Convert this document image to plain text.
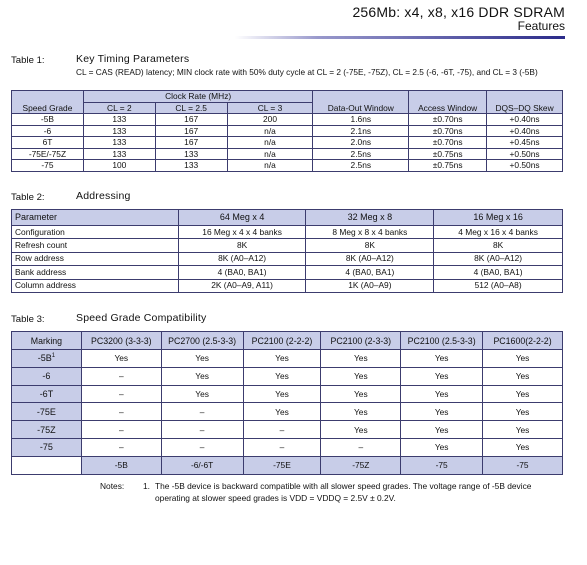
256Mb: x4, x8, x16 DDR SDRAM
Features
Table 1:	Key Timing Parameters
CL = CAS (READ) latency; MIN clock rate with 50% duty cycle at CL = 2 (-75E, -75Z), CL = 2.5 (-6, -6T, -75), and CL = 3 (-5B)
Speed Grade	Clock Rate (MHz)			Data-Out Window	Access Window	DQS–DQ Skew
	CL = 2	CL = 2.5	CL = 3			
-5B	133	167	200	1.6ns	±0.70ns	+0.40ns
-6	133	167	n/a	2.1ns	±0.70ns	+0.40ns
6T	133	167	n/a	2.0ns	±0.70ns	+0.45ns
-75E/-75Z	133	133	n/a	2.5ns	±0.75ns	+0.50ns
-75	100	133	n/a	2.5ns	±0.75ns	+0.50ns
Table 2:	Addressing
Parameter	64 Meg x 4	32 Meg x 8	16 Meg x 16
Configuration	16 Meg x 4 x 4 banks	8 Meg x 8 x 4 banks	4 Meg x 16 x 4 banks
Refresh count	8K	8K	8K
Row address	8K (A0–A12)	8K (A0–A12)	8K (A0–A12)
Bank address	4 (BA0, BA1)	4 (BA0, BA1)	4 (BA0, BA1)
Column address	2K (A0–A9, A11)	1K (A0–A9)	512 (A0–A8)
Table 3:	Speed Grade Compatibility
Marking	PC3200 (3-3-3)	PC2700 (2.5-3-3)	PC2100 (2-2-2)	PC2100 (2-3-3)	PC2100 (2.5-3-3)	PC1600(2-2-2)
$-5B^1$	Yes	Yes	Yes	Yes	Yes	Yes
-6	–	Yes	Yes	Yes	Yes	Yes
-6T	–	Yes	Yes	Yes	Yes	Yes
-75E	–	–	Yes	Yes	Yes	Yes
-75Z	–	–	–	Yes	Yes	Yes
-75	–	–	–	–	Yes	Yes
	-5B	-6/-6T	-75E	-75Z	-75	-75
Notes:	1. The -5B device is backward compatible with all slower speed grades. The voltage range of -5B device operating at slower speed grades is VDD = VDDQ = 2.5V ± 0.2V.
